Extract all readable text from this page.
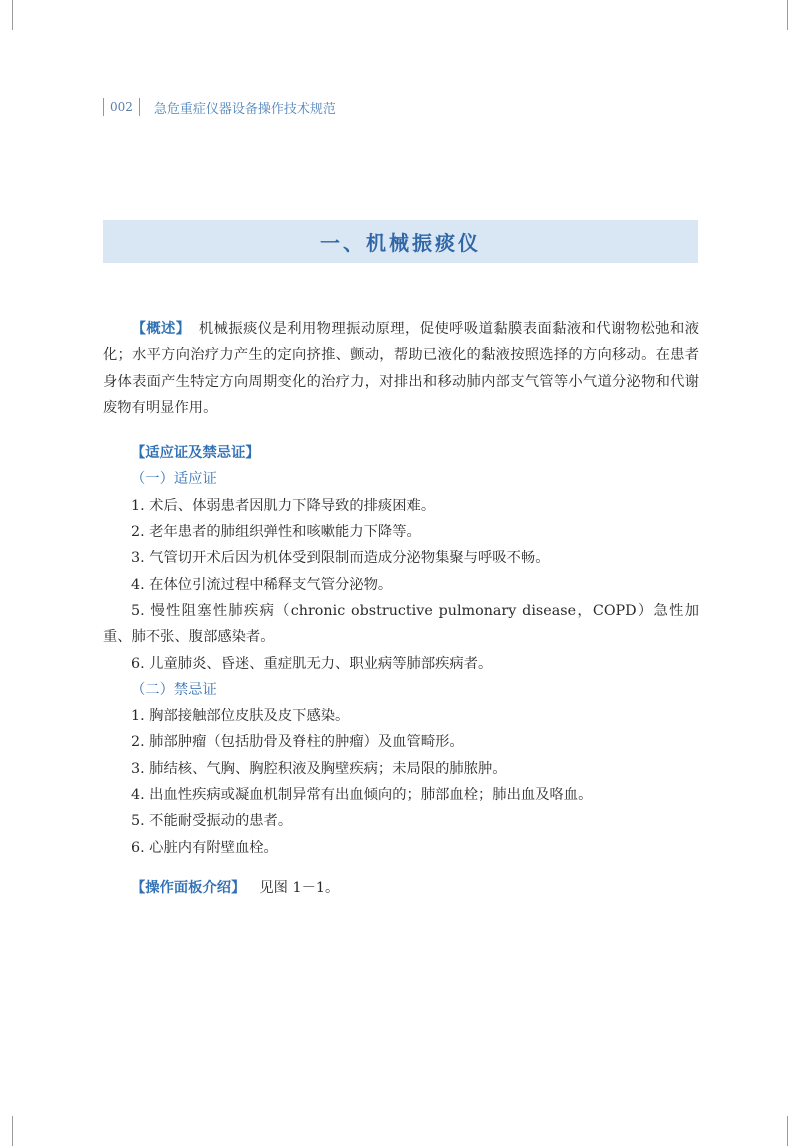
002	急危重症仪器设备操作技术规范
一、机械振痰仪

【概述】 机械振痰仪是利用物理振动原理，促使呼吸道黏膜表面黏液和代谢物松弛和液化；水平方向治疗力产生的定向挤推、颤动，帮助已液化的黏液按照选择的方向移动。在患者身体表面产生特定方向周期变化的治疗力，对排出和移动肺内部支气管等小气道分泌物和代谢废物有明显作用。

【适应证及禁忌证】

（一）适应证

1. 术后、体弱患者因肌力下降导致的排痰困难。

2. 老年患者的肺组织弹性和咳嗽能力下降等。

3. 气管切开术后因为机体受到限制而造成分泌物集聚与呼吸不畅。

4. 在体位引流过程中稀释支气管分泌物。

5. 慢性阻塞性肺疾病（chronic obstructive pulmonary disease，COPD）急性加重、肺不张、腹部感染者。

6. 儿童肺炎、昏迷、重症肌无力、职业病等肺部疾病者。

（二）禁忌证

1. 胸部接触部位皮肤及皮下感染。

2. 肺部肿瘤（包括肋骨及脊柱的肿瘤）及血管畸形。

3. 肺结核、气胸、胸腔积液及胸壁疾病；未局限的肺脓肿。

4. 出血性疾病或凝血机制异常有出血倾向的；肺部血栓；肺出血及咯血。

5. 不能耐受振动的患者。

6. 心脏内有附壁血栓。

【操作面板介绍】 见图 1－1。
